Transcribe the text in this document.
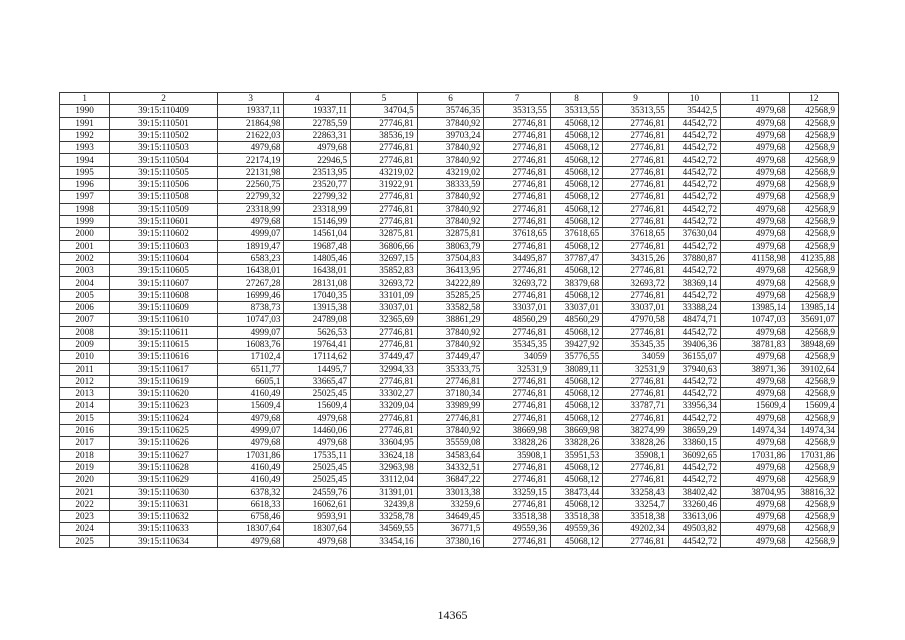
1	2	3	4	5	6	7	8	9	10	11	12
1990	39:15:110409	19337,11	19337,11	34704,5	35746,35	35313,55	35313,55	35313,55	35442,5	4979,68	42568,9
1991	39:15:110501	21864,98	22785,59	27746,81	37840,92	27746,81	45068,12	27746,81	44542,72	4979,68	42568,9
1992	39:15:110502	21622,03	22863,31	38536,19	39703,24	27746,81	45068,12	27746,81	44542,72	4979,68	42568,9
1993	39:15:110503	4979,68	4979,68	27746,81	37840,92	27746,81	45068,12	27746,81	44542,72	4979,68	42568,9
1994	39:15:110504	22174,19	22946,5	27746,81	37840,92	27746,81	45068,12	27746,81	44542,72	4979,68	42568,9
1995	39:15:110505	22131,98	23513,95	43219,02	43219,02	27746,81	45068,12	27746,81	44542,72	4979,68	42568,9
1996	39:15:110506	22560,75	23520,77	31922,91	38333,59	27746,81	45068,12	27746,81	44542,72	4979,68	42568,9
1997	39:15:110508	22799,32	22799,32	27746,81	37840,92	27746,81	45068,12	27746,81	44542,72	4979,68	42568,9
1998	39:15:110509	23318,99	23318,99	27746,81	37840,92	27746,81	45068,12	27746,81	44542,72	4979,68	42568,9
1999	39:15:110601	4979,68	15146,99	27746,81	37840,92	27746,81	45068,12	27746,81	44542,72	4979,68	42568,9
2000	39:15:110602	4999,07	14561,04	32875,81	32875,81	37618,65	37618,65	37618,65	37630,04	4979,68	42568,9
2001	39:15:110603	18919,47	19687,48	36806,66	38063,79	27746,81	45068,12	27746,81	44542,72	4979,68	42568,9
2002	39:15:110604	6583,23	14805,46	32697,15	37504,83	34495,87	37787,47	34315,26	37880,87	41158,98	41235,88
2003	39:15:110605	16438,01	16438,01	35852,83	36413,95	27746,81	45068,12	27746,81	44542,72	4979,68	42568,9
2004	39:15:110607	27267,28	28131,08	32693,72	34222,89	32693,72	38379,68	32693,72	38369,14	4979,68	42568,9
2005	39:15:110608	16999,46	17040,35	33101,09	35285,25	27746,81	45068,12	27746,81	44542,72	4979,68	42568,9
2006	39:15:110609	8738,73	13915,38	33037,01	33582,58	33037,01	33037,01	33037,01	33388,24	13985,14	13985,14
2007	39:15:110610	10747,03	24789,08	32365,69	38861,29	48560,29	48560,29	47970,58	48474,71	10747,03	35691,07
2008	39:15:110611	4999,07	5626,53	27746,81	37840,92	27746,81	45068,12	27746,81	44542,72	4979,68	42568,9
2009	39:15:110615	16083,76	19764,41	27746,81	37840,92	35345,35	39427,92	35345,35	39406,36	38781,83	38948,69
2010	39:15:110616	17102,4	17114,62	37449,47	37449,47	34059	35776,55	34059	36155,07	4979,68	42568,9
2011	39:15:110617	6511,77	14495,7	32994,33	35333,75	32531,9	38089,11	32531,9	37940,63	38971,36	39102,64
2012	39:15:110619	6605,1	33665,47	27746,81	27746,81	27746,81	45068,12	27746,81	44542,72	4979,68	42568,9
2013	39:15:110620	4160,49	25025,45	33302,27	37180,34	27746,81	45068,12	27746,81	44542,72	4979,68	42568,9
2014	39:15:110623	15609,4	15609,4	33209,04	33989,99	27746,81	45068,12	33787,71	33956,34	15609,4	15609,4
2015	39:15:110624	4979,68	4979,68	27746,81	27746,81	27746,81	45068,12	27746,81	44542,72	4979,68	42568,9
2016	39:15:110625	4999,07	14460,06	27746,81	37840,92	38669,98	38669,98	38274,99	38659,29	14974,34	14974,34
2017	39:15:110626	4979,68	4979,68	33604,95	35559,08	33828,26	33828,26	33828,26	33860,15	4979,68	42568,9
2018	39:15:110627	17031,86	17535,11	33624,18	34583,64	35908,1	35951,53	35908,1	36092,65	17031,86	17031,86
2019	39:15:110628	4160,49	25025,45	32963,98	34332,51	27746,81	45068,12	27746,81	44542,72	4979,68	42568,9
2020	39:15:110629	4160,49	25025,45	33112,04	36847,22	27746,81	45068,12	27746,81	44542,72	4979,68	42568,9
2021	39:15:110630	6378,32	24559,76	31391,01	33013,38	33259,15	38473,44	33258,43	38402,42	38704,95	38816,32
2022	39:15:110631	6618,33	16062,61	32439,8	33259,6	27746,81	45068,12	33254,7	33260,46	4979,68	42568,9
2023	39:15:110632	6758,46	9593,91	33258,78	34649,45	33518,38	33518,38	33518,38	33613,06	4979,68	42568,9
2024	39:15:110633	18307,64	18307,64	34569,55	36771,5	49559,36	49559,36	49202,34	49503,82	4979,68	42568,9
2025	39:15:110634	4979,68	4979,68	33454,16	37380,16	27746,81	45068,12	27746,81	44542,72	4979,68	42568,9
14365
